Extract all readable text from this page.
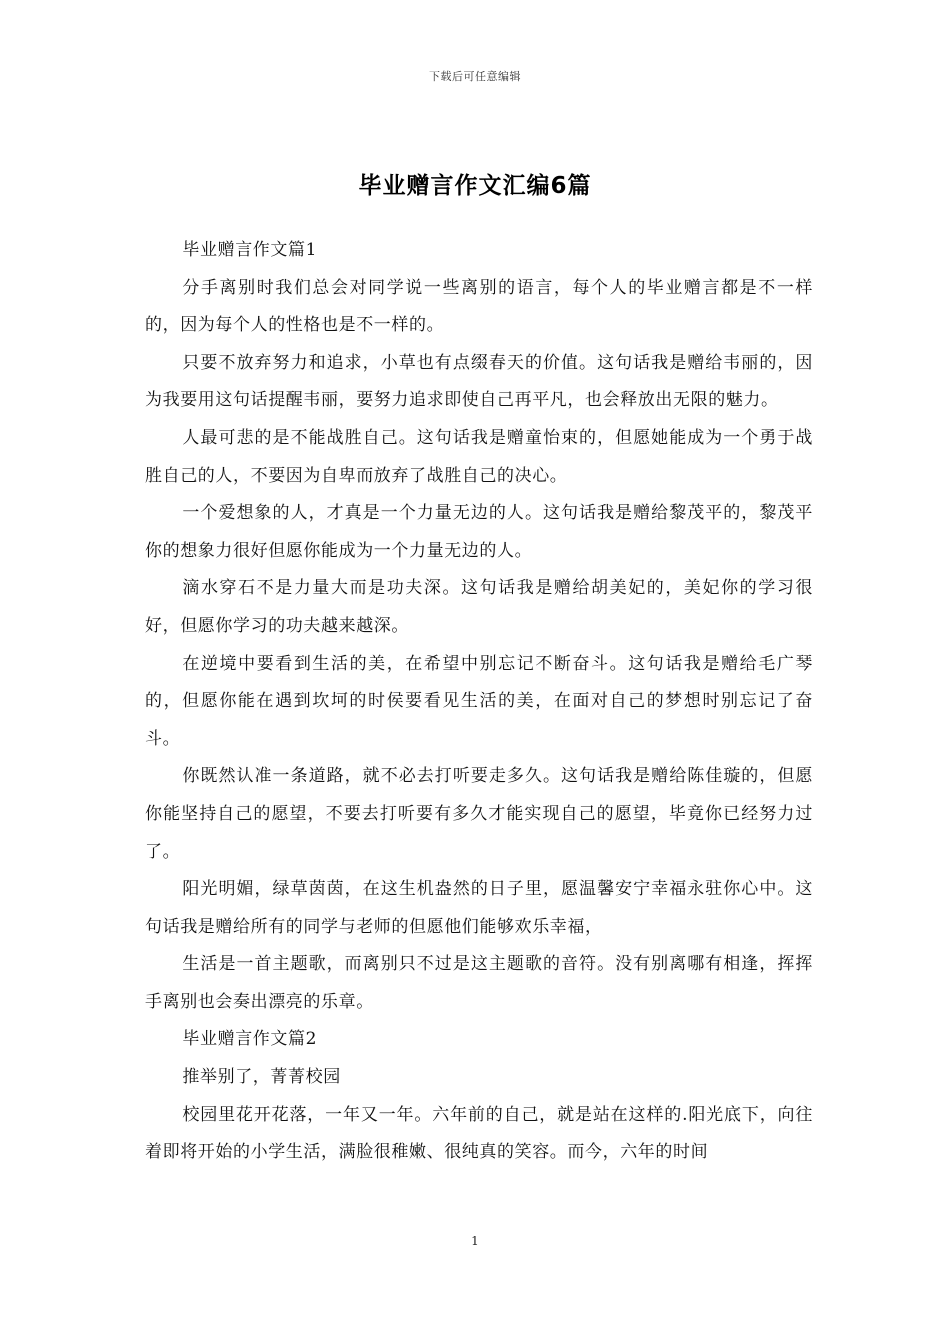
下载后可任意编辑
毕业赠言作文汇编6篇

毕业赠言作文篇1

分手离别时我们总会对同学说一些离别的语言，每个人的毕业赠言都是不一样的，因为每个人的性格也是不一样的。

只要不放弃努力和追求，小草也有点缀春天的价值。这句话我是赠给韦丽的，因为我要用这句话提醒韦丽，要努力追求即使自己再平凡，也会释放出无限的魅力。

人最可悲的是不能战胜自己。这句话我是赠童怡束的，但愿她能成为一个勇于战胜自己的人，不要因为自卑而放弃了战胜自己的决心。

一个爱想象的人，才真是一个力量无边的人。这句话我是赠给黎茂平的，黎茂平你的想象力很好但愿你能成为一个力量无边的人。

滴水穿石不是力量大而是功夫深。这句话我是赠给胡美妃的，美妃你的学习很好，但愿你学习的功夫越来越深。

在逆境中要看到生活的美，在希望中别忘记不断奋斗。这句话我是赠给毛广琴的，但愿你能在遇到坎坷的时侯要看见生活的美，在面对自己的梦想时别忘记了奋斗。

你既然认准一条道路，就不必去打听要走多久。这句话我是赠给陈佳璇的，但愿你能坚持自己的愿望，不要去打听要有多久才能实现自己的愿望，毕竟你已经努力过了。

阳光明媚，绿草茵茵，在这生机盎然的日子里，愿温馨安宁幸福永驻你心中。这句话我是赠给所有的同学与老师的但愿他们能够欢乐幸福，

生活是一首主题歌，而离别只不过是这主题歌的音符。没有别离哪有相逢，挥挥手离别也会奏出漂亮的乐章。

毕业赠言作文篇2

推举别了，菁菁校园

校园里花开花落，一年又一年。六年前的自己，就是站在这样的.阳光底下，向往着即将开始的小学生活，满脸很稚嫩、很纯真的笑容。而今，六年的时间

1
